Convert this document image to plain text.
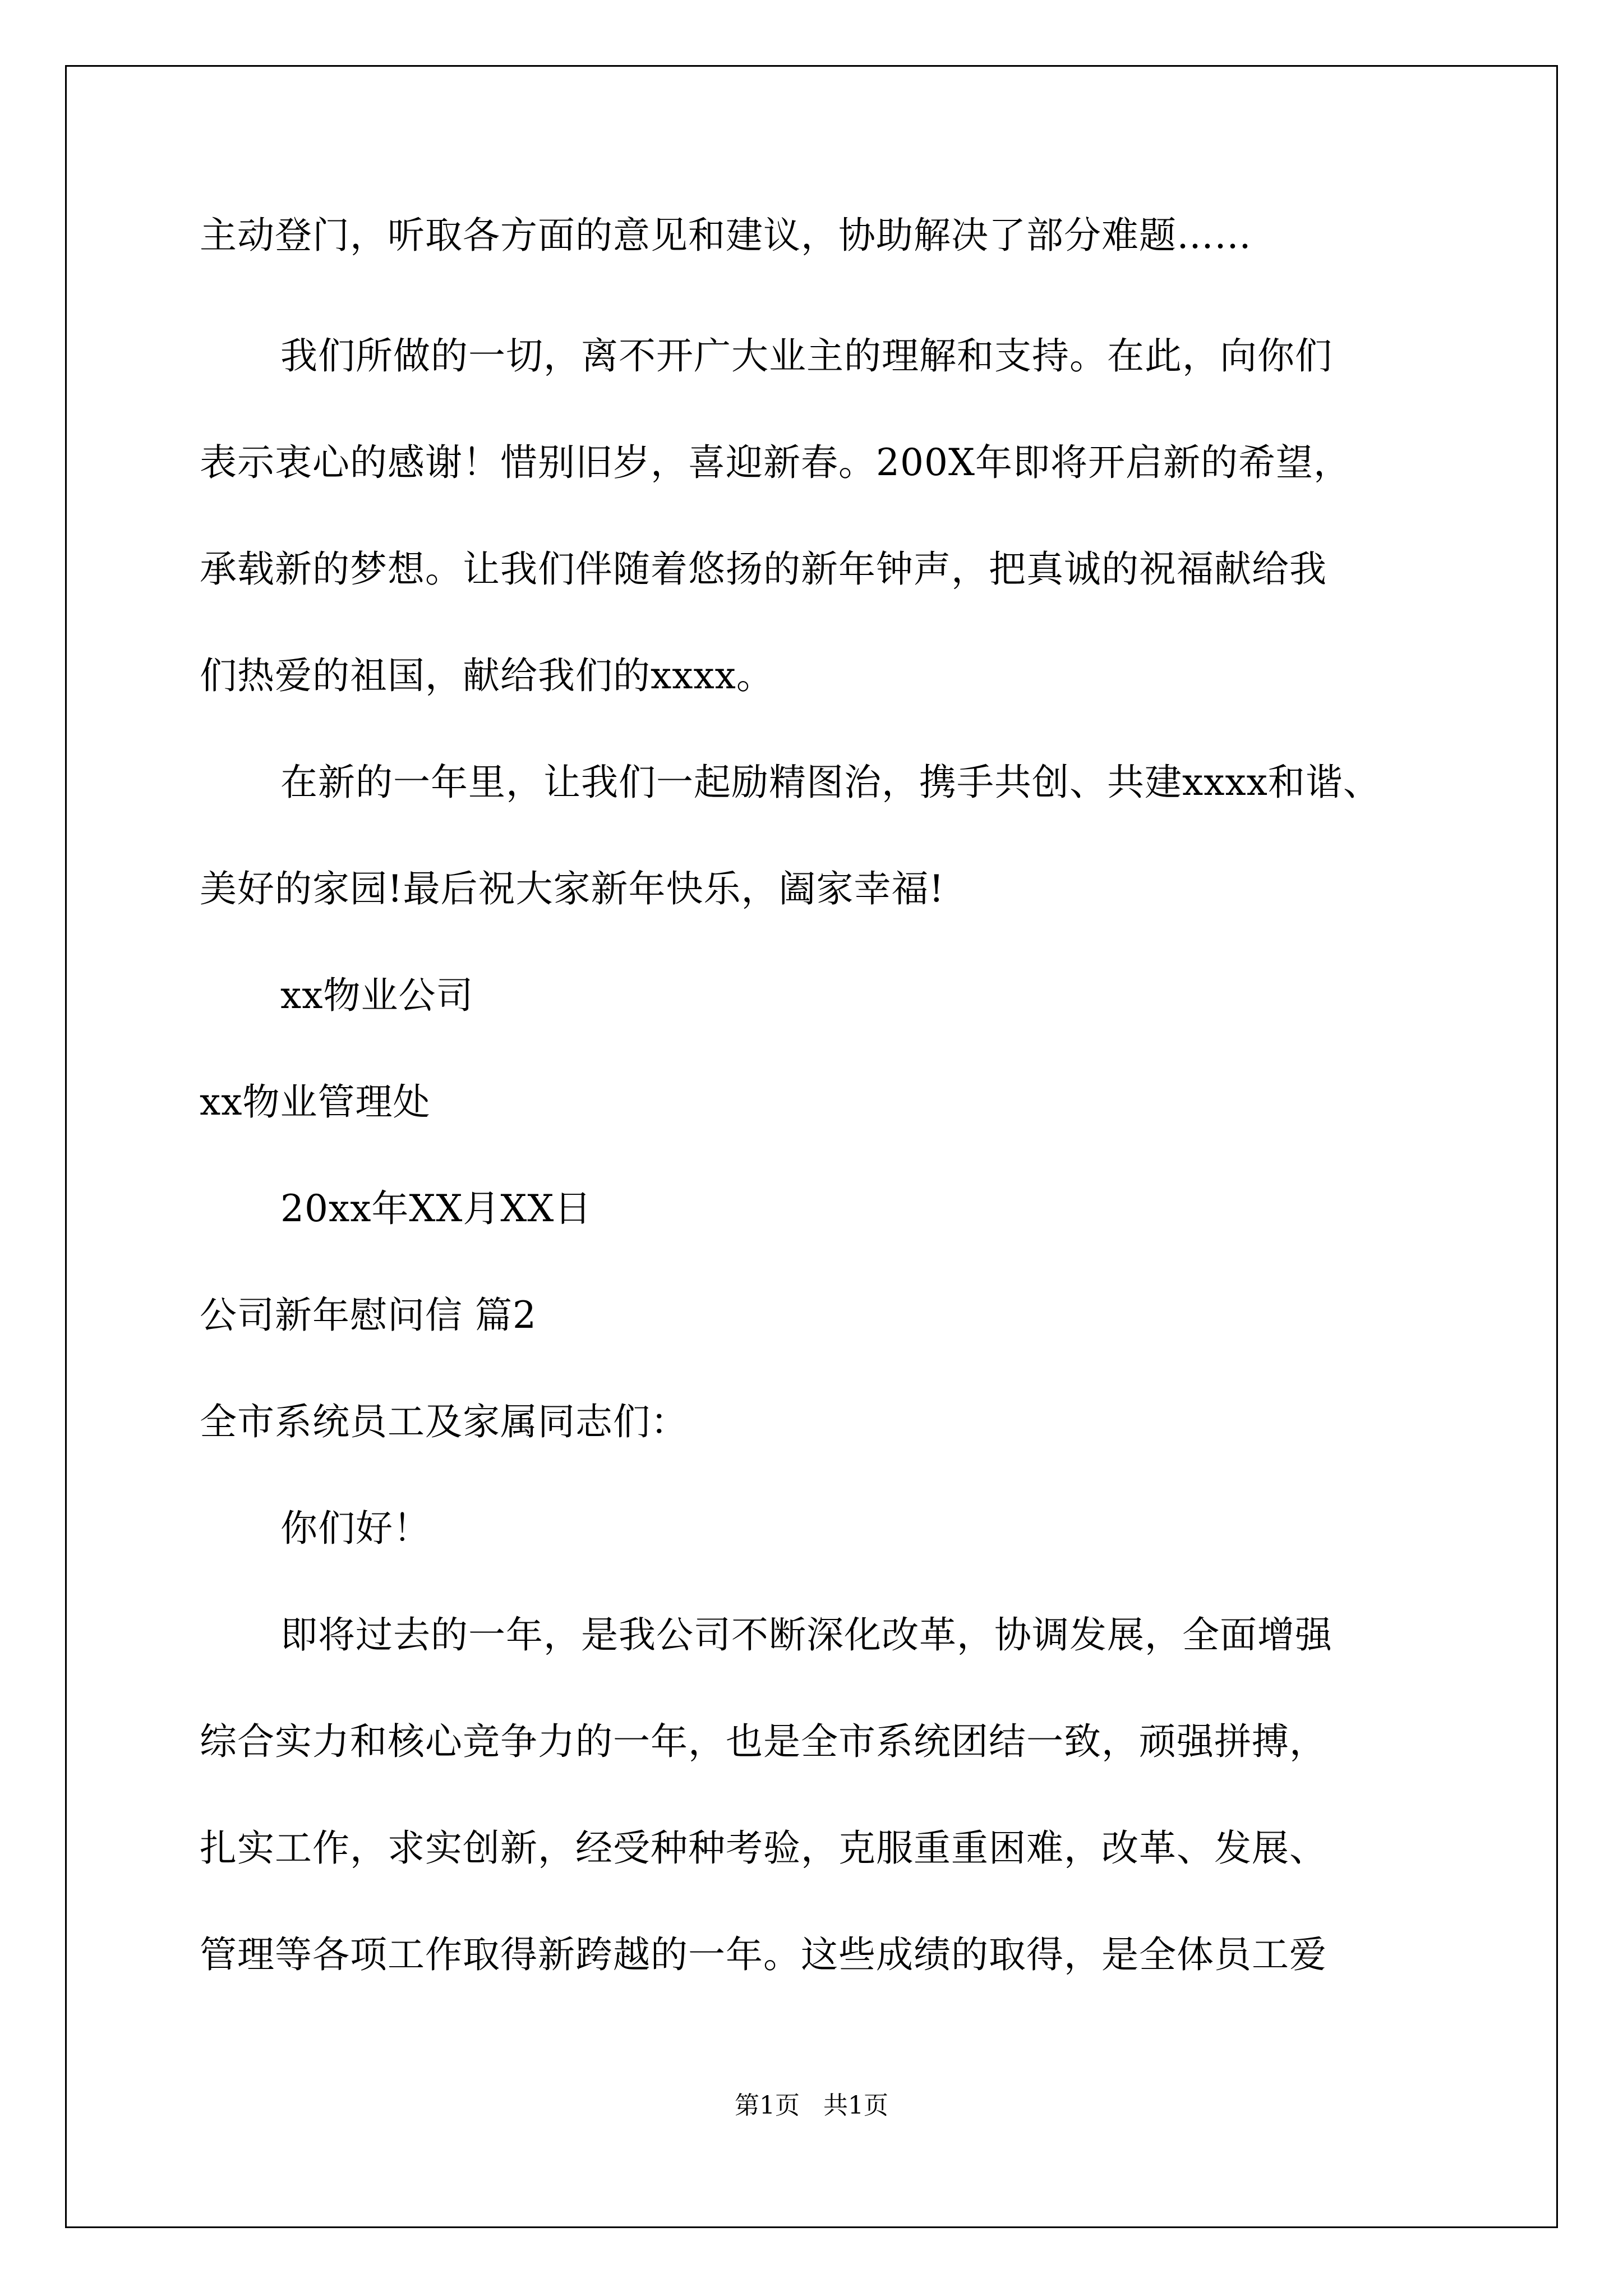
主动登门，听取各方面的意见和建议，协助解决了部分难题……
我们所做的一切，离不开广大业主的理解和支持。在此，向你们
表示衷心的感谢！惜别旧岁，喜迎新春。200X年即将开启新的希望，
承载新的梦想。让我们伴随着悠扬的新年钟声，把真诚的祝福献给我
们热爱的祖国，献给我们的xxxx。
在新的一年里，让我们一起励精图治，携手共创、共建xxxx和谐、
美好的家园!最后祝大家新年快乐，阖家幸福!
xx物业公司
xx物业管理处
20xx年XX月XX日
公司新年慰问信 篇2
全市系统员工及家属同志们：
你们好！
即将过去的一年，是我公司不断深化改革，协调发展，全面增强
综合实力和核心竞争力的一年，也是全市系统团结一致，顽强拼搏，
扎实工作，求实创新，经受种种考验，克服重重困难，改革、发展、
管理等各项工作取得新跨越的一年。这些成绩的取得，是全体员工爱
第1页   共1页
